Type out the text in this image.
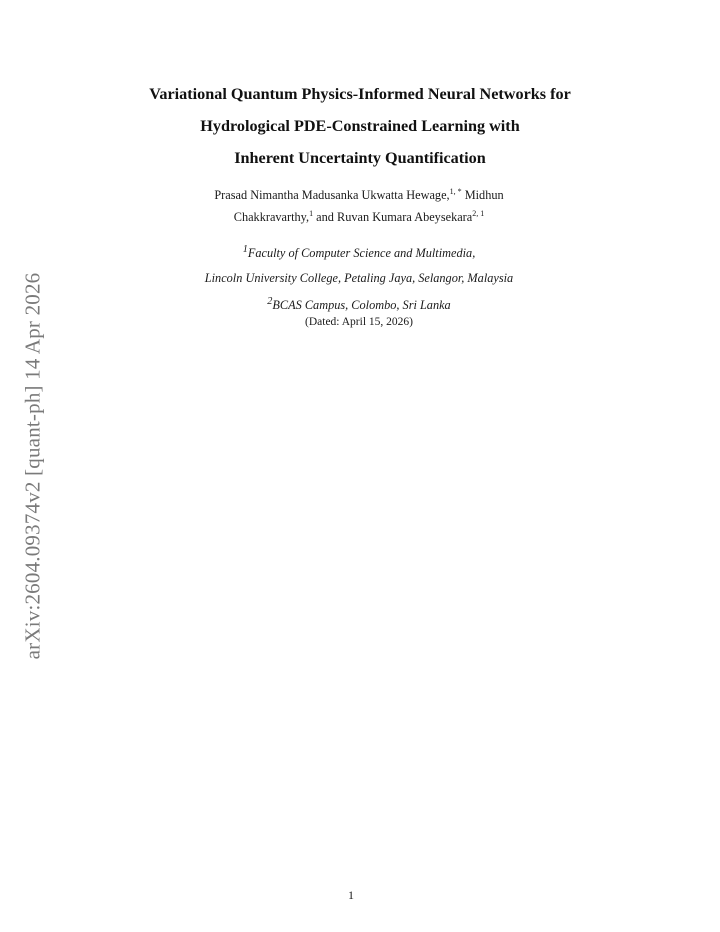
arXiv:2604.09374v2 [quant-ph] 14 Apr 2026
Variational Quantum Physics-Informed Neural Networks for
Hydrological PDE-Constrained Learning with
Inherent Uncertainty Quantification
Prasad Nimantha Madusanka Ukwatta Hewage,$^{1, *}$ Midhun
Chakkravarthy,$^1$ and Ruvan Kumara Abeysekara$^{2, 1}$
$^1$Faculty of Computer Science and Multimedia,
Lincoln University College, Petaling Jaya, Selangor, Malaysia
$^2$BCAS Campus, Colombo, Sri Lanka
(Dated: April 15, 2026)
1
